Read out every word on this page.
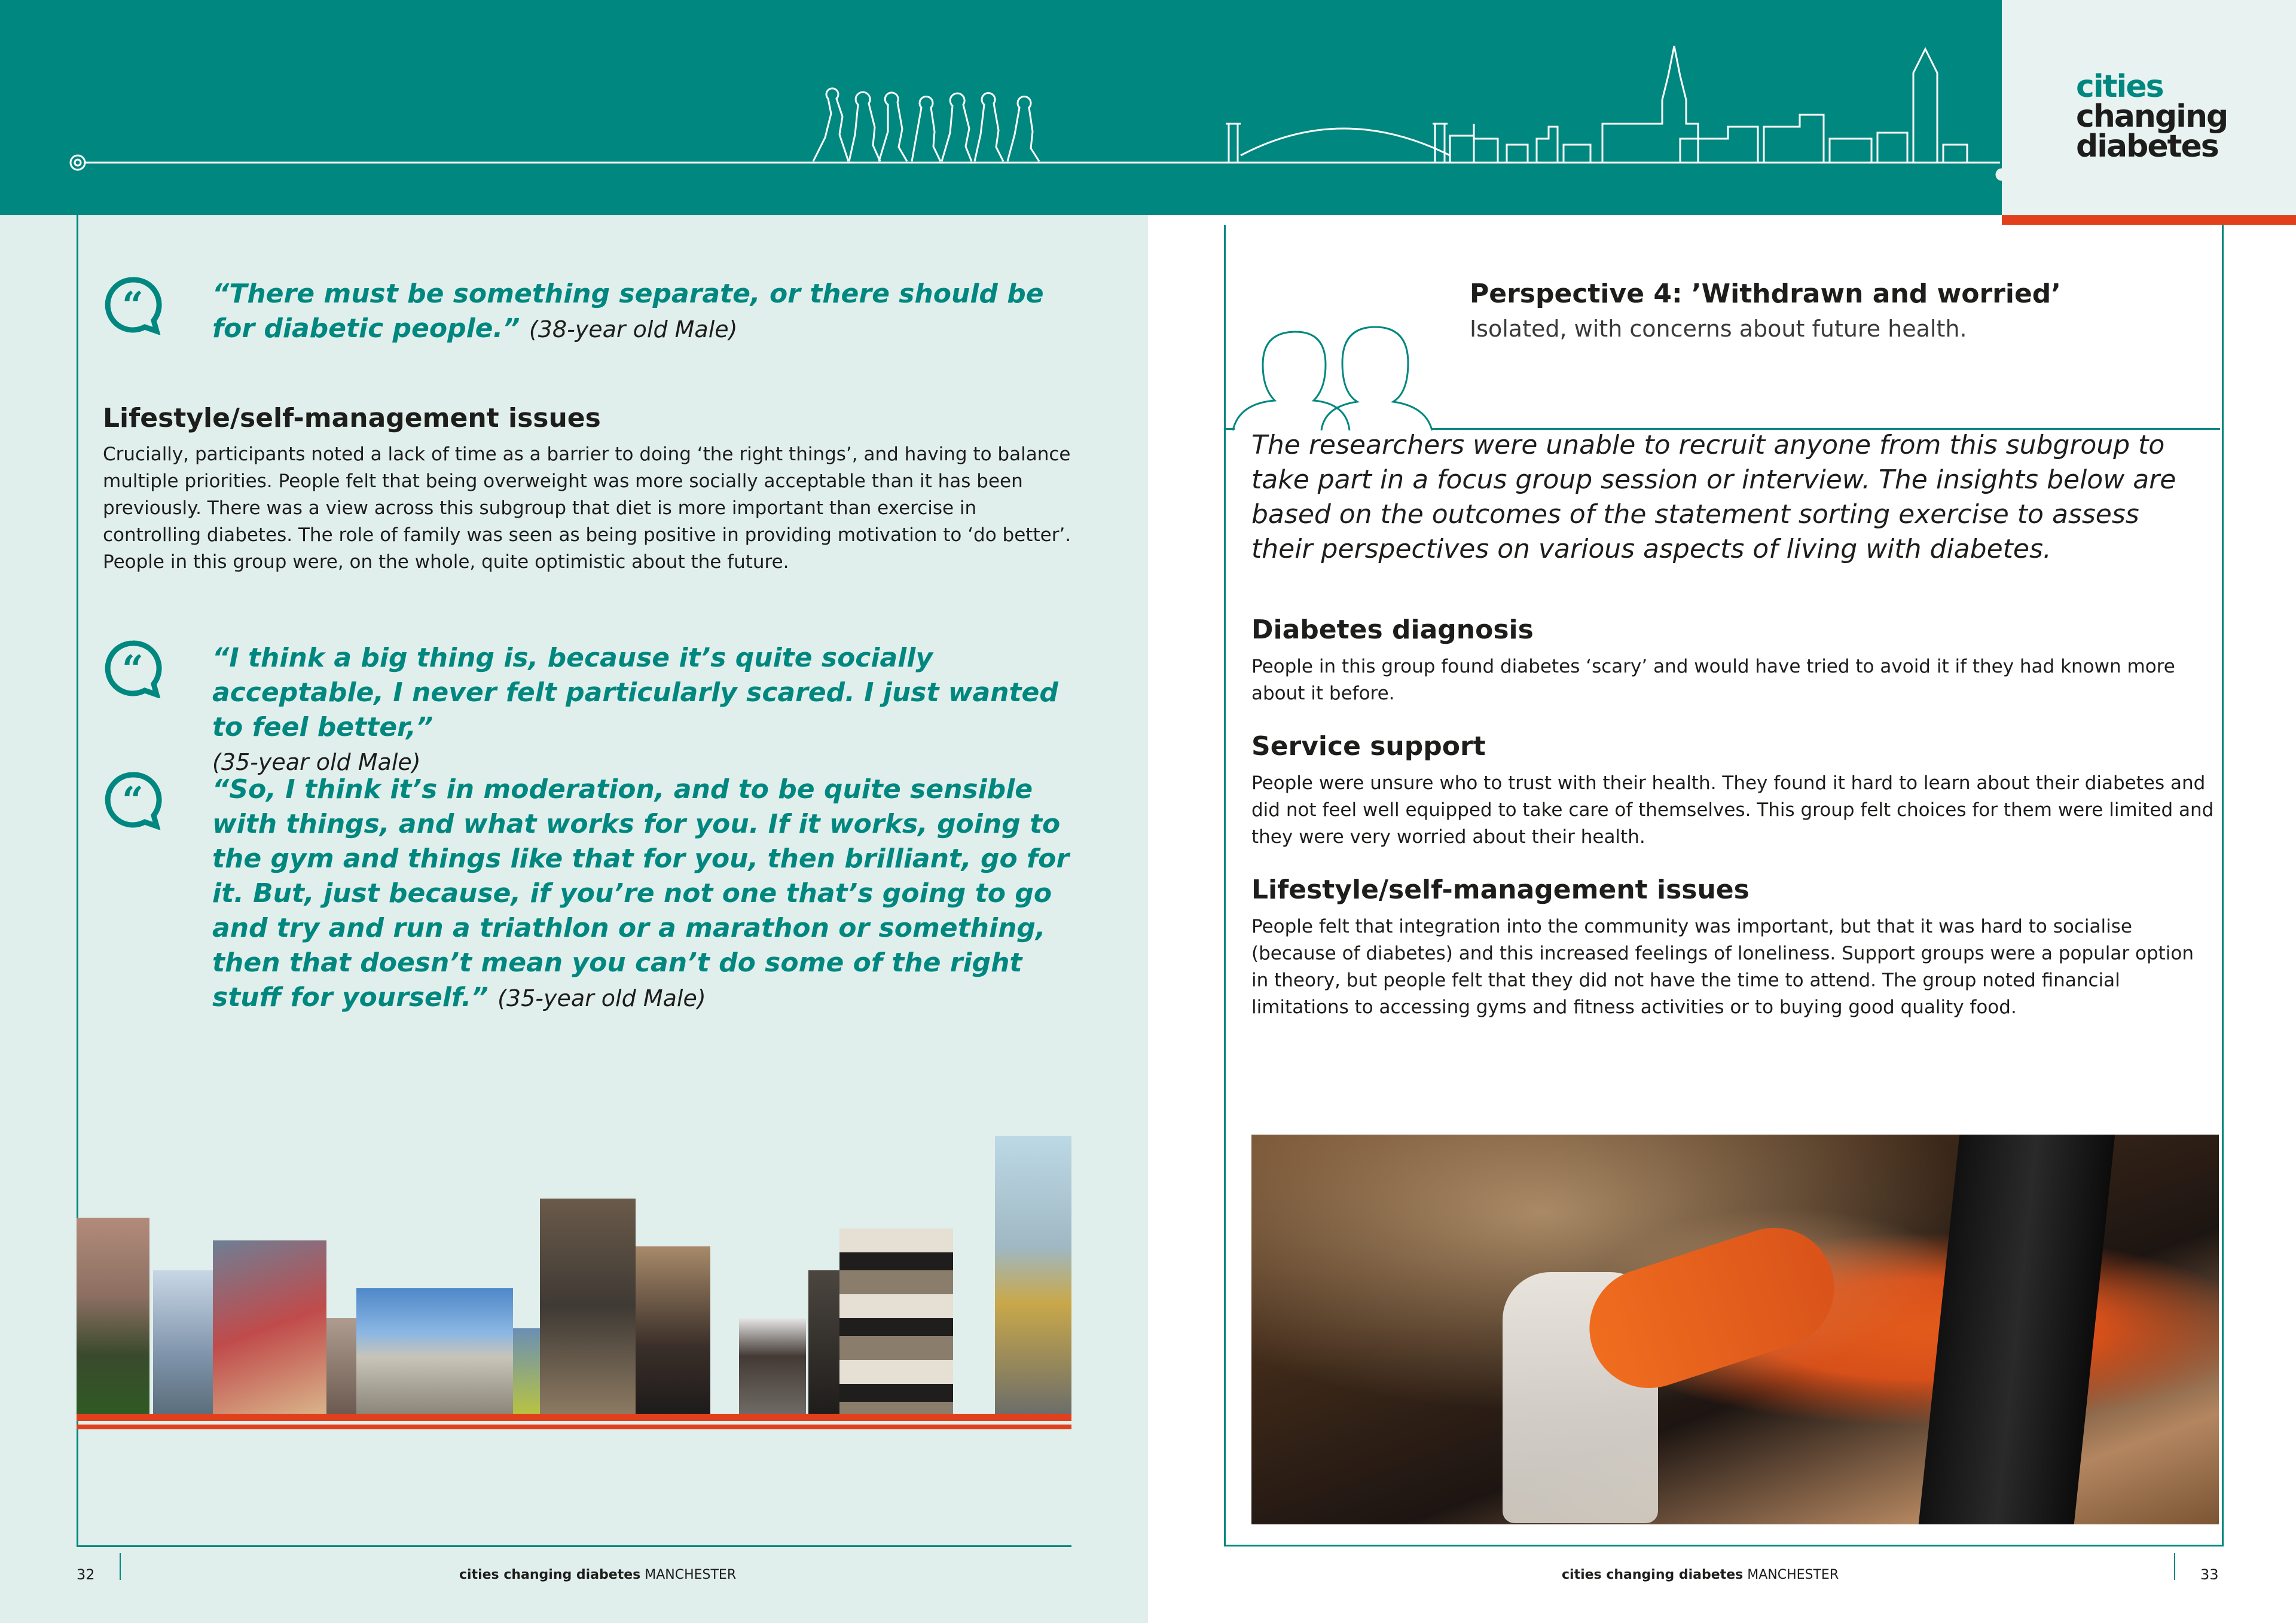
cities
changing
diabetes
“	“There must be something separate, or there should be for diabetic people.” (38-year old Male)
Lifestyle/self-management issues
Crucially, participants noted a lack of time as a barrier to doing ‘the right things’, and having to balance multiple priorities. People felt that being overweight was more socially acceptable than it has been previously. There was a view across this subgroup that diet is more important than exercise in controlling diabetes. The role of family was seen as being positive in providing motivation to ‘do better’. People in this group were, on the whole, quite optimistic about the future.
“	“I think a big thing is, because it’s quite socially acceptable, I never felt particularly scared. I just wanted to feel better,”
(35-year old Male)
“	“So, I think it’s in moderation, and to be quite sensible with things, and what works for you. If it works, going to the gym and things like that for you, then brilliant, go for it. But, just because, if you’re not one that’s going to go and try and run a triathlon or a marathon or something, then that doesn’t mean you can’t do some of the right stuff for yourself.” (35-year old Male)
32	cities changing diabetes MANCHESTER
Perspective 4: ’Withdrawn and worried’
Isolated, with concerns about future health.
The researchers were unable to recruit anyone from this subgroup to take part in a focus group session or interview. The insights below are based on the outcomes of the statement sorting exercise to assess their perspectives on various aspects of living with diabetes.
Diabetes diagnosis
People in this group found diabetes ‘scary’ and would have tried to avoid it if they had known more about it before.
Service support
People were unsure who to trust with their health. They found it hard to learn about their diabetes and did not feel well equipped to take care of themselves. This group felt choices for them were limited and they were very worried about their health.
Lifestyle/self-management issues
People felt that integration into the community was important, but that it was hard to socialise (because of diabetes) and this increased feelings of loneliness. Support groups were a popular option in theory, but people felt that they did not have the time to attend. The group noted financial limitations to accessing gyms and fitness activities or to buying good quality food.
cities changing diabetes MANCHESTER	33
